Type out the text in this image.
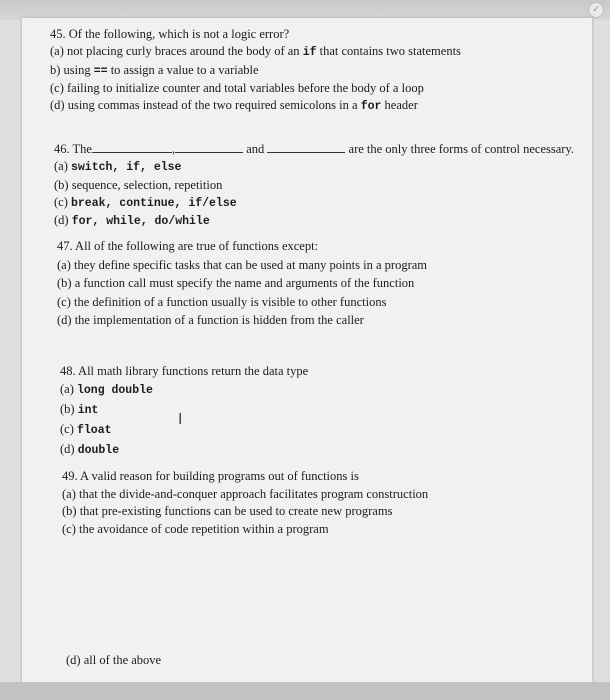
✓

45. Of the following, which is not a logic error?

(a) not placing curly braces around the body of an if that contains two statements

b) using == to assign a value to a variable

(c) failing to initialize counter and total variables before the body of a loop

(d) using commas instead of the two required semicolons in a for header

46. The	,	and	are the only three forms of control necessary.

(a) switch, if, else

(b) sequence, selection, repetition

(c) break, continue, if/else

(d) for, while, do/while

47. All of the following are true of functions except:

(a) they define specific tasks that can be used at many points in a program

(b) a function call must specify the name and arguments of the function

(c) the definition of a function usually is visible to other functions

(d) the implementation of a function is hidden from the caller

48. All math library functions return the data type

(a) long double

(b) int

(c) float

(d) double

I

49. A valid reason for building programs out of functions is

(a) that the divide-and-conquer approach facilitates program construction

(b) that pre-existing functions can be used to create new programs

(c) the avoidance of code repetition within a program

(d) all of the above
